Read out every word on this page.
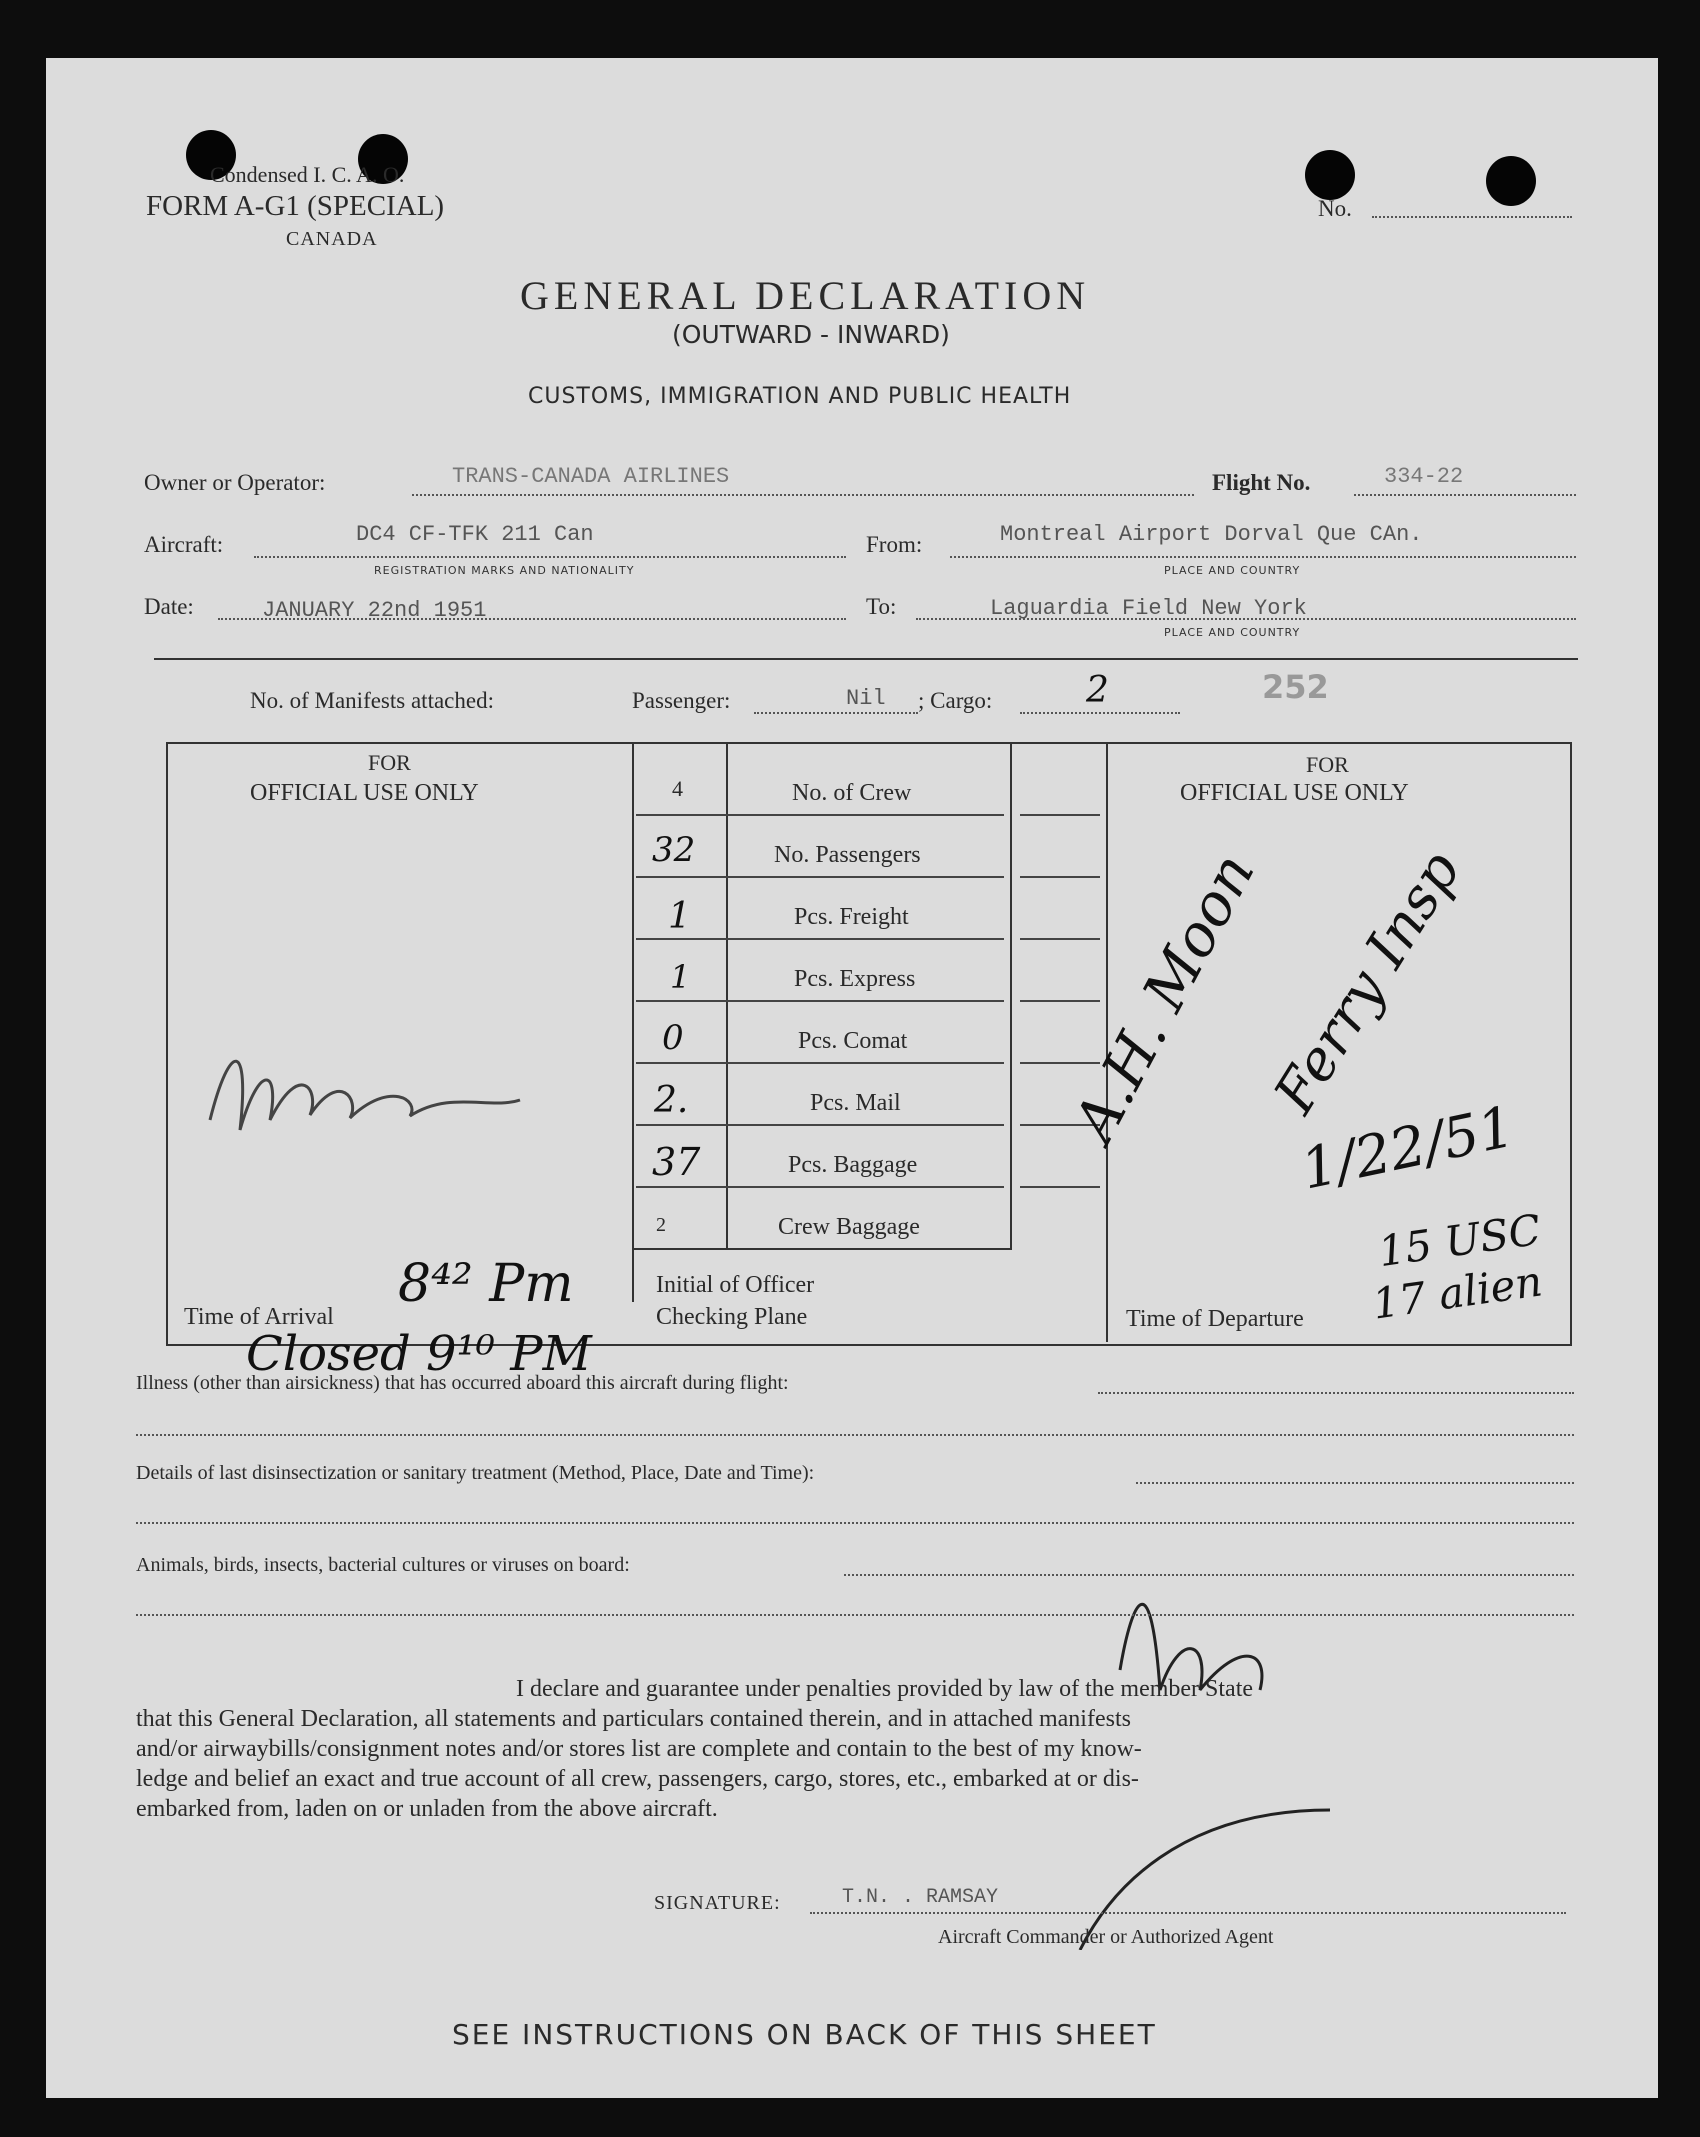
Condensed I. C. A. O.
FORM A-G1 (SPECIAL)
CANADA
No.
GENERAL DECLARATION
(OUTWARD - INWARD)
CUSTOMS, IMMIGRATION AND PUBLIC HEALTH
Owner or Operator:	TRANS-CANADA AIRLINES	Flight No.	334-22
Aircraft:	DC4 CF-TFK 211 Can
REGISTRATION MARKS AND NATIONALITY
From:	Montreal Airport Dorval Que CAn.
PLACE AND COUNTRY
Date:	JANUARY 22nd 1951	To:	Laguardia Field New York
PLACE AND COUNTRY
No. of Manifests attached:	Passenger:	Nil ; Cargo:	2	252
FOR
OFFICIAL USE ONLY
FOR
OFFICIAL USE ONLY
4	No. of Crew
32	No. Passengers
1	Pcs. Freight
1	Pcs. Express
0	Pcs. Comat
2.	Pcs. Mail
37	Pcs. Baggage
2	Crew Baggage
Initial of Officer
Checking Plane
Time of Arrival	Time of Departure
8⁴² Pm
Closed 9¹⁰ PM
A.H. Moon
Ferry Insp
1/22/51
15 USC
17 alien
Illness (other than airsickness) that has occurred aboard this aircraft during flight:
Details of last disinsectization or sanitary treatment (Method, Place, Date and Time):
Animals, birds, insects, bacterial cultures or viruses on board:
I declare and guarantee under penalties provided by law of the member State
that this General Declaration, all statements and particulars contained therein, and in attached manifests
and/or airwaybills/consignment notes and/or stores list are complete and contain to the best of my know-
ledge and belief an exact and true account of all crew, passengers, cargo, stores, etc., embarked at or dis-
embarked from, laden on or unladen from the above aircraft.
SIGNATURE:	T.N. . RAMSAY
Aircraft Commander or Authorized Agent
SEE INSTRUCTIONS ON BACK OF THIS SHEET
